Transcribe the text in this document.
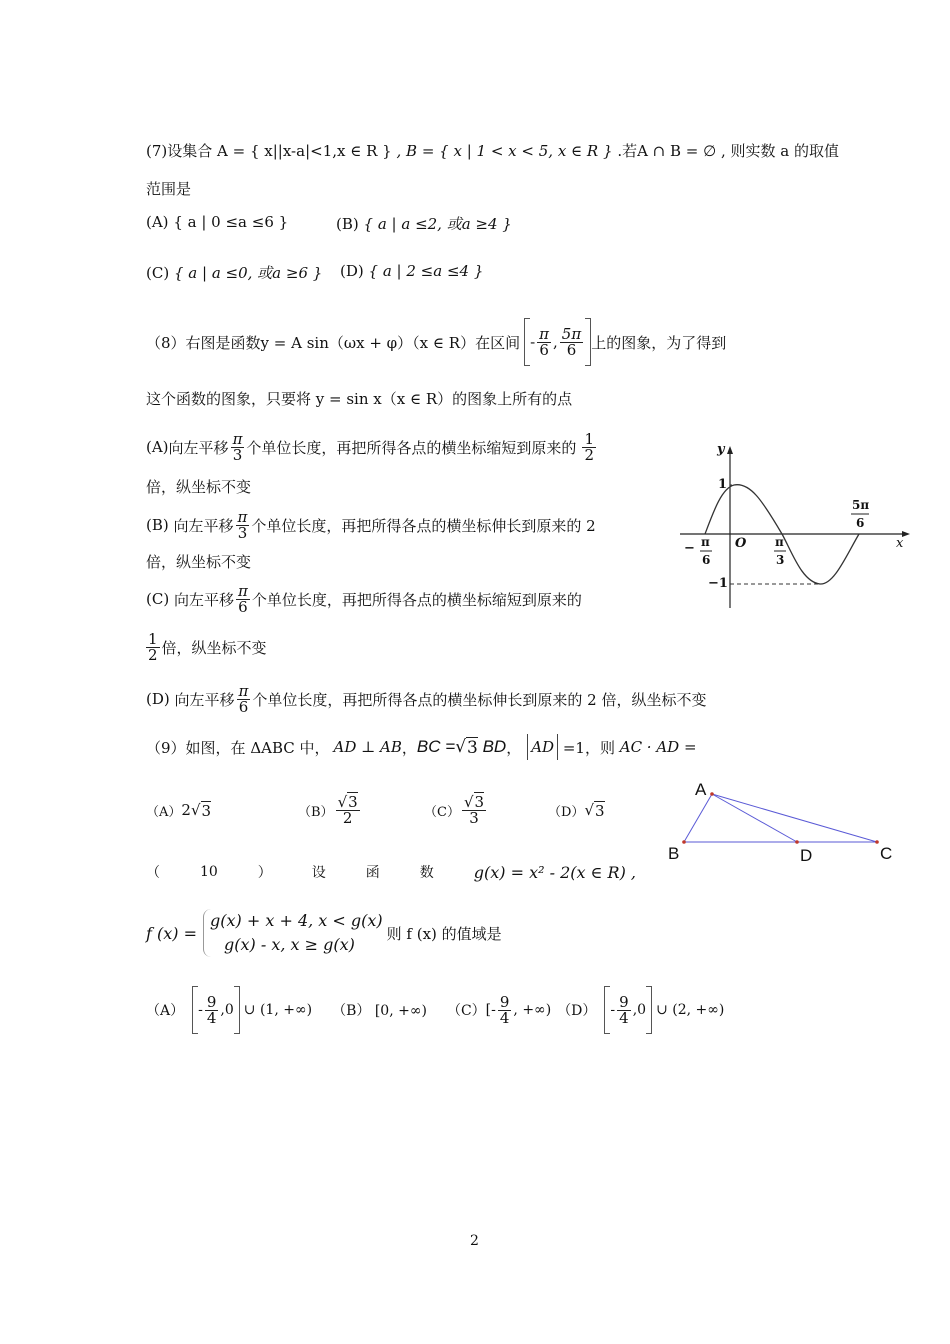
(7)设集合 A = { x||x-a|<1,x ∈ R } , B = { x | 1 < x < 5, x ∈ R } .若A ∩ B = ∅ , 则实数 a 的取值
范围是
(A) { a | 0 ≤a ≤6 }	(B) { a | a ≤2, 或a ≥4 }
(C) { a | a ≤0, 或a ≥6 } (D) { a | 2 ≤a ≤4 }
（8） 右图是函数y = A sin（ωx + φ）（x ∈ R）在区间 - $\frac{\pi}{6}$ , $\frac{5\pi}{6}$ 上的图象，为了得到
这个函数的图象，只要将 y = sin x（x ∈ R）的图象上所有的点
(A) 向左平移 $\frac{\pi}{3}$ 个单位长度，再把所得各点的横坐标缩短到原来的 $\frac{1}{2}$
倍，纵坐标不变
(B)
向左平移 $\frac{\pi}{3}$ 个单位长度，再把所得各点的横坐标伸长到原来的 2
倍，纵坐标不变
(C)
向左平移 $\frac{\pi}{6}$ 个单位长度，再把所得各点的横坐标缩短到原来的
$\frac{1}{2}$ 倍，纵坐标不变
(D)
向左平移 $\frac{\pi}{6}$ 个单位长度，再把所得各点的横坐标伸长到原来的 2 倍，纵坐标不变
y
x
O
1
−1
− π
6
π
3
5π
6
（9） 如图，在 ΔABC 中， AD ⊥ AB ， BC = √ 3 BD ， AD =1，则 AC · AD =
（A） 2 √ 3	$(B) \frac{√3}{2}$	$(C) \frac{√3}{3}$	（D） √ 3
A
B	D	C
（	10	）	设	函	数 g(x) = x² - 2(x ∈ R) ,
f (x) =
g(x) + x + 4, x < g(x)
g(x) - x, x ≥ g(x)
则 f (x) 的值域是
$(A) - \frac{9}{4} ,0$ ∪ (1, +∞) （B） [0, +∞) （C） [- $\frac{9}{4}$ , +∞) $(D) - \frac{9}{4} ,0$ ∪ (2, +∞)
2
